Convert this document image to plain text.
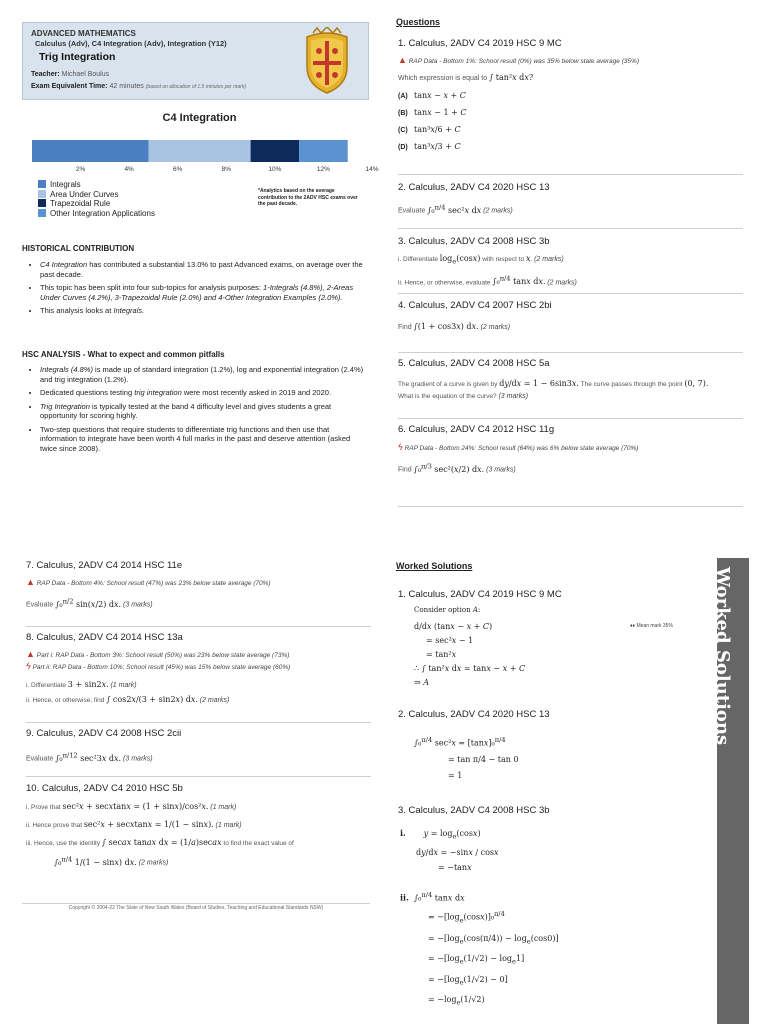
ADVANCED MATHEMATICS
Calculus (Adv), C4 Integration (Adv), Integration (Y12)
Trig Integration
Teacher: Michael Boulus
Exam Equivalent Time: 42 minutes (based on allocation of 1.5 minutes per mark)
C4 Integration
2%	4%	6%	8%	10%	12%	14%
Integrals
Area Under Curves
Trapezoidal Rule
Other Integration Applications
*Analytics based on the average contribution to the 2ADV HSC exams over the past decade.
HISTORICAL CONTRIBUTION
• C4 Integration has contributed a substantial 13.0% to past Advanced exams, on average over the past decade.
• This topic has been split into four sub-topics for analysis purposes: 1-Integrals (4.8%), 2-Areas Under Curves (4.2%), 3-Trapezoidal Rule (2.0%) and 4-Other Integration Examples (2.0%).
• This analysis looks at Integrals.
HSC ANALYSIS - What to expect and common pitfalls
• Integrals (4.8%) is made up of standard integration (1.2%), log and exponential integration (2.4%) and trig integration (1.2%).
• Dedicated questions testing trig integration were most recently asked in 2019 and 2020.
• Trig Integration is typically tested at the band 4 difficulty level and gives students a great opportunity for scoring highly.
• Two-step questions that require students to differentiate trig functions and then use that information to integrate have been worth 4 full marks in the past and deserve attention (asked twice since 2008).
Questions
1. Calculus, 2ADV C4 2019 HSC 9 MC
▲ RAP Data - Bottom 1%: School result (0%) was 35% below state average (35%)
Which expression is equal to ∫ tan²x dx?
(A) tanx − x + C
(B) tanx − 1 + C
(C) tan³x/6 + C
(D) tan³x/3 + C
2. Calculus, 2ADV C4 2020 HSC 13
Evaluate ∫₀$^{\pi/4}$ sec²x dx (2 marks)
3. Calculus, 2ADV C4 2008 HSC 3b
i. Differentiate $\log_e(\cos x)$ with respect to x. (2 marks)
ii. Hence, or otherwise, evaluate ∫₀$^{\pi/4}$ tanx dx. (2 marks)
4. Calculus, 2ADV C4 2007 HSC 2bi
Find ∫(1 + cos3x) dx. (2 marks)
5. Calculus, 2ADV C4 2008 HSC 5a
The gradient of a curve is given by dy/dx = 1 − 6sin3x. The curve passes through the point (0, 7).
What is the equation of the curve? (3 marks)
6. Calculus, 2ADV C4 2012 HSC 11g
ϟ RAP Data - Bottom 24%: School result (64%) was 6% below state average (70%)
Find ∫₀$^{\pi/3}$ sec²(x/2) dx. (3 marks)
7. Calculus, 2ADV C4 2014 HSC 11e
▲ RAP Data - Bottom 4%: School result (47%) was 23% below state average (70%)
Evaluate ∫₀$^{\pi/2}$ sin(x/2) dx. (3 marks)
8. Calculus, 2ADV C4 2014 HSC 13a
▲ Part i: RAP Data - Bottom 3%: School result (50%) was 23% below state average (73%)
ϟ Part ii: RAP Data - Bottom 10%: School result (45%) was 15% below state average (60%)
i. Differentiate 3 + sin2x. (1 mark)
ii. Hence, or otherwise, find ∫ cos2x/(3 + sin2x) dx. (2 marks)
9. Calculus, 2ADV C4 2008 HSC 2cii
Evaluate ∫₀$^{\pi/12}$ sec²3x dx. (3 marks)
10. Calculus, 2ADV C4 2010 HSC 5b
i. Prove that sec²x + secxtanx = (1 + sinx)/cos²x. (1 mark)
ii. Hence prove that sec²x + secxtanx = 1/(1 − sinx). (1 mark)
iii. Hence, use the identity ∫ secax tanax dx = (1/a)secax to find the exact value of
∫₀$^{\pi/4}$ 1/(1 − sinx) dx. (2 marks)
Copyright © 2004-22 The State of New South Wales (Board of Studies, Teaching and Educational Standards NSW)
Worked Solutions
Worked Solutions
1. Calculus, 2ADV C4 2019 HSC 9 MC
Consider option A:
d/dx (tanx − x + C)
= sec²x − 1
= tan²x
∴ ∫ tan²x dx = tanx − x + C
⇒ A
♦♦ Mean mark 35%
2. Calculus, 2ADV C4 2020 HSC 13
∫₀$^{\pi/4}$ sec²x = [tanx]₀$^{\pi/4}$
= tan π/4 − tan 0
= 1
3. Calculus, 2ADV C4 2008 HSC 3b
i. $y = \log_e(\cos x)$
dy/dx = −sinx / cosx
= −tanx
ii.  ∫₀$^{\pi/4}$ tanx dx
= $-[\log_e(\cos x)]_0^{\pi/4}$
= $-[\log_e(\cos(\pi/4)) - \log_e(\cos 0)]$
= $-[\log_e(1/√2) - \log_e1]$
= $-[\log_e(1/√2) - 0]$
= $-\log_e(1/√2)$
